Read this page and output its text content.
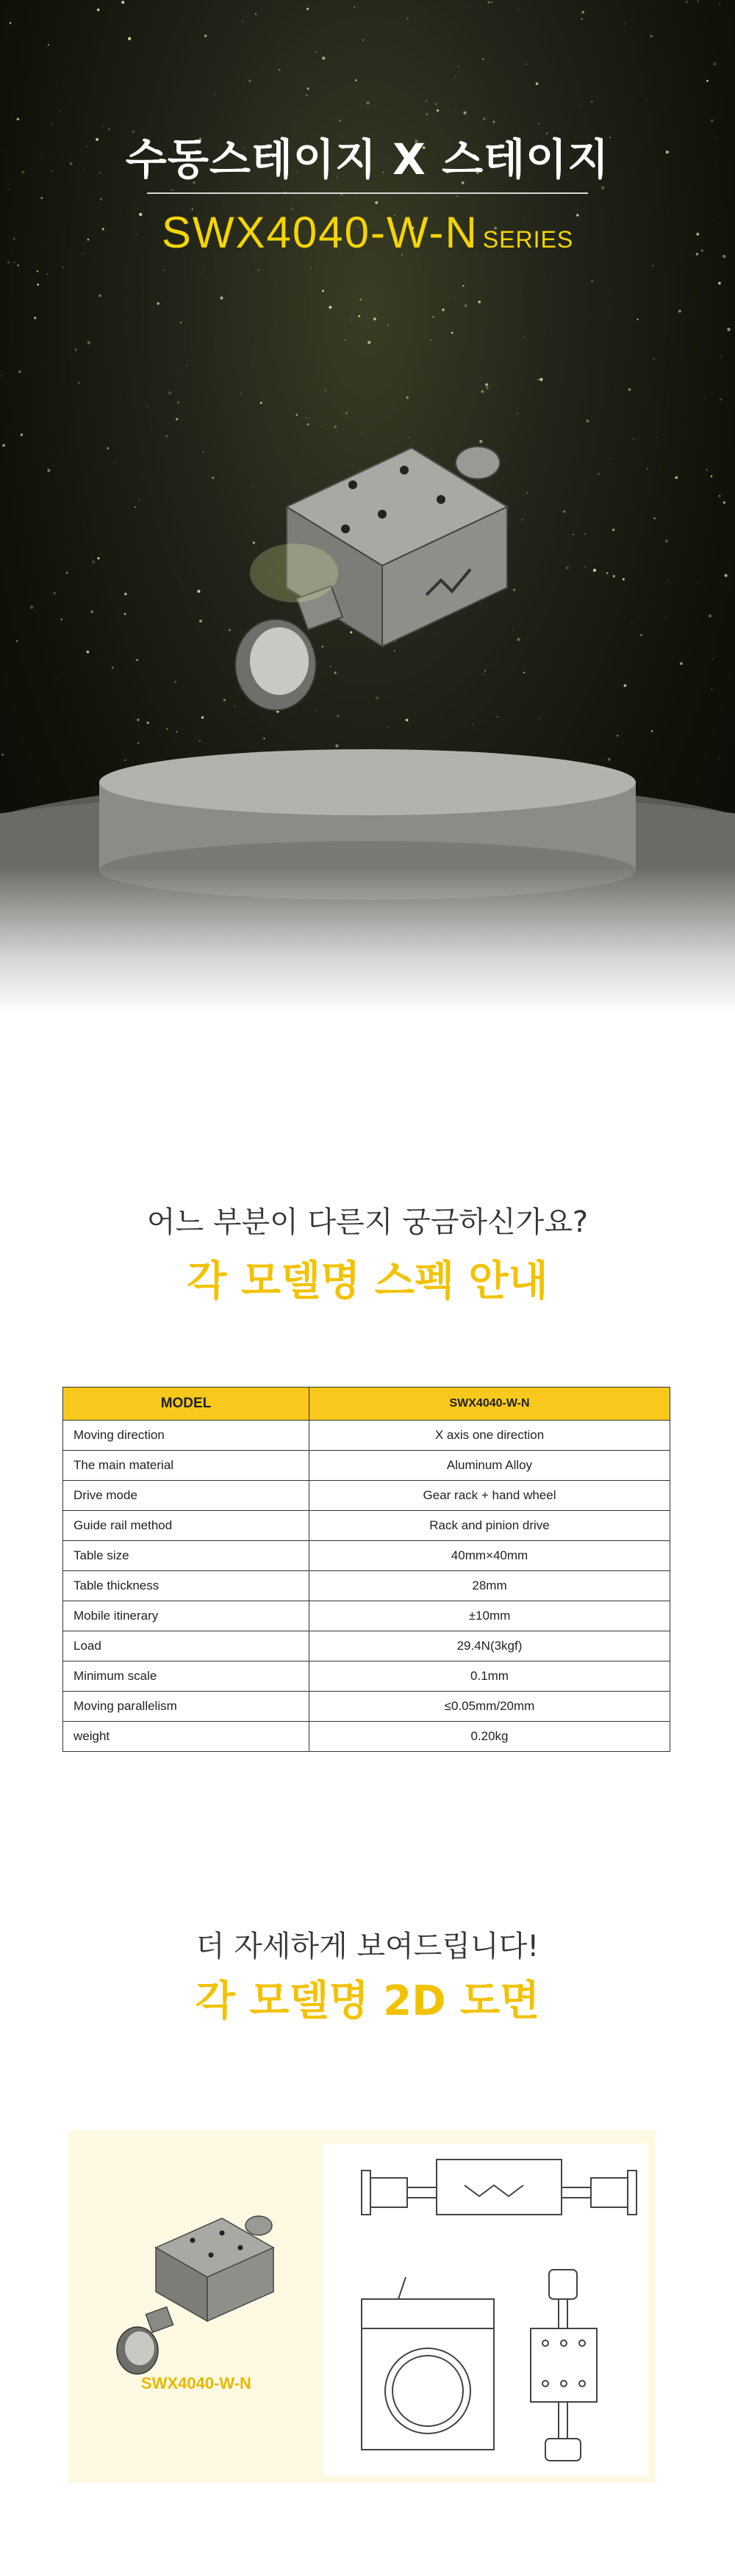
수동스테이지 X 스테이지
SWX4040-W-N SERIES
어느 부분이 다른지 궁금하신가요?
각 모델명 스펙 안내
MODEL	SWX4040-W-N
Moving direction	X axis one direction
The main material	Aluminum Alloy
Drive mode	Gear rack + hand wheel
Guide rail method	Rack and pinion drive
Table size	40mm×40mm
Table thickness	28mm
Mobile itinerary	±10mm
Load	29.4N(3kgf)
Minimum scale	0.1mm
Moving parallelism	≤0.05mm/20mm
weight	0.20kg
더 자세하게 보여드립니다!
각 모델명 2D 도면
SWX4040-W-N
